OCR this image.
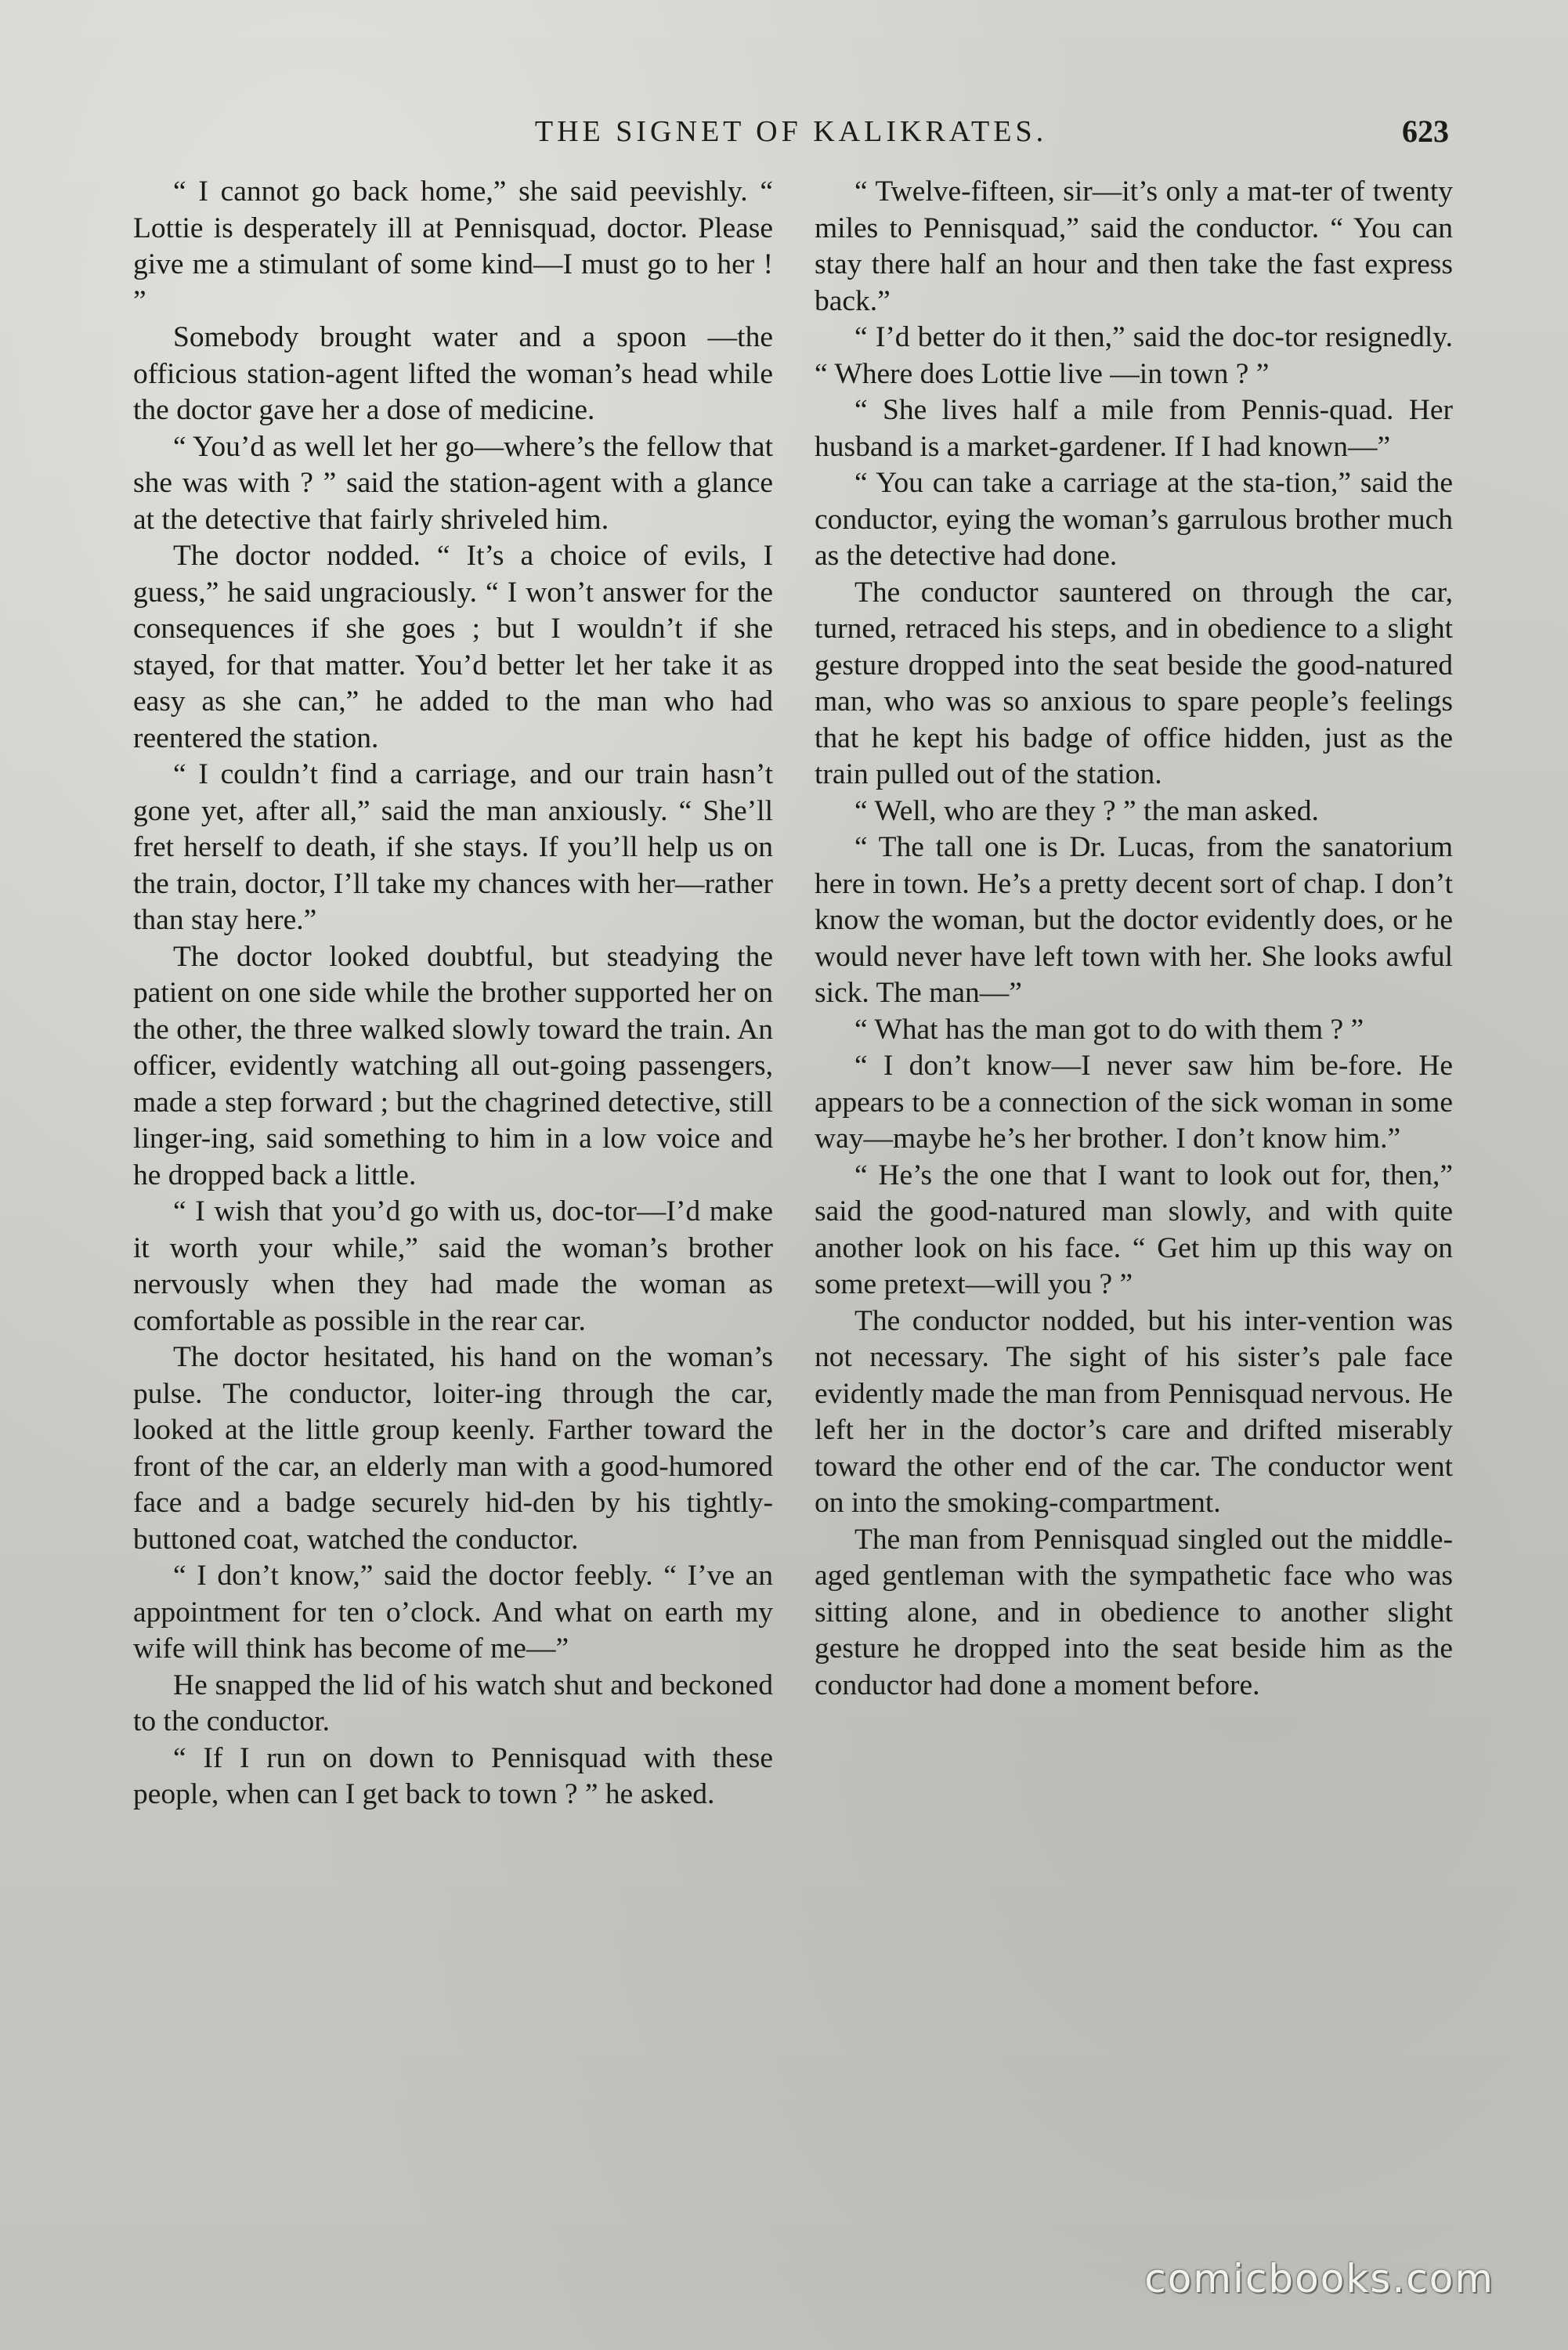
THE SIGNET OF KALIKRATES.	623

“ I cannot go back home,” she said peevishly. “ Lottie is desperately ill at Pennisquad, doctor. Please give me a stimulant of some kind—I must go to her ! ”

Somebody brought water and a spoon —the officious station-agent lifted the woman’s head while the doctor gave her a dose of medicine.

“ You’d as well let her go—where’s the fellow that she was with ? ” said the station-agent with a glance at the detective that fairly shriveled him.

The doctor nodded. “ It’s a choice of evils, I guess,” he said ungraciously. “ I won’t answer for the consequences if she goes ; but I wouldn’t if she stayed, for that matter. You’d better let her take it as easy as she can,” he added to the man who had reentered the station.

“ I couldn’t find a carriage, and our train hasn’t gone yet, after all,” said the man anxiously. “ She’ll fret herself to death, if she stays. If you’ll help us on the train, doctor, I’ll take my chances with her—rather than stay here.”

The doctor looked doubtful, but steadying the patient on one side while the brother supported her on the other, the three walked slowly toward the train. An officer, evidently watching all out-going passengers, made a step forward ; but the chagrined detective, still linger-ing, said something to him in a low voice and he dropped back a little.

“ I wish that you’d go with us, doc-tor—I’d make it worth your while,” said the woman’s brother nervously when they had made the woman as comfortable as possible in the rear car.

The doctor hesitated, his hand on the woman’s pulse. The conductor, loiter-ing through the car, looked at the little group keenly. Farther toward the front of the car, an elderly man with a good-humored face and a badge securely hid-den by his tightly-buttoned coat, watched the conductor.

“ I don’t know,” said the doctor feebly. “ I’ve an appointment for ten o’clock. And what on earth my wife will think has become of me—”

He snapped the lid of his watch shut and beckoned to the conductor.

“ If I run on down to Pennisquad with these people, when can I get back to town ? ” he asked.

“ Twelve-fifteen, sir—it’s only a mat-ter of twenty miles to Pennisquad,” said the conductor. “ You can stay there half an hour and then take the fast express back.”

“ I’d better do it then,” said the doc-tor resignedly. “ Where does Lottie live —in town ? ”

“ She lives half a mile from Pennis-quad. Her husband is a market-gardener. If I had known—”

“ You can take a carriage at the sta-tion,” said the conductor, eying the woman’s garrulous brother much as the detective had done.

The conductor sauntered on through the car, turned, retraced his steps, and in obedience to a slight gesture dropped into the seat beside the good-natured man, who was so anxious to spare people’s feelings that he kept his badge of office hidden, just as the train pulled out of the station.

“ Well, who are they ? ” the man asked.

“ The tall one is Dr. Lucas, from the sanatorium here in town. He’s a pretty decent sort of chap. I don’t know the woman, but the doctor evidently does, or he would never have left town with her. She looks awful sick. The man—”

“ What has the man got to do with them ? ”

“ I don’t know—I never saw him be-fore. He appears to be a connection of the sick woman in some way—maybe he’s her brother. I don’t know him.”

“ He’s the one that I want to look out for, then,” said the good-natured man slowly, and with quite another look on his face. “ Get him up this way on some pretext—will you ? ”

The conductor nodded, but his inter-vention was not necessary. The sight of his sister’s pale face evidently made the man from Pennisquad nervous. He left her in the doctor’s care and drifted miserably toward the other end of the car. The conductor went on into the smoking-compartment.

The man from Pennisquad singled out the middle-aged gentleman with the sympathetic face who was sitting alone, and in obedience to another slight gesture he dropped into the seat beside him as the conductor had done a moment before.

comicbooks.com
